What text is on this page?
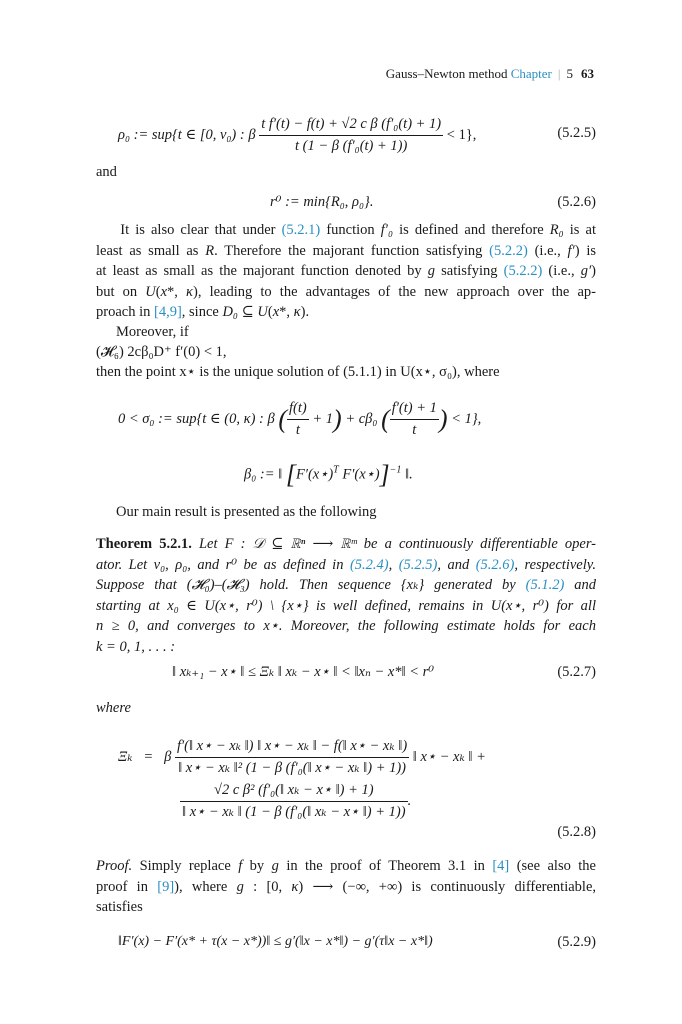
Gauss–Newton method Chapter | 5 63
ρ₀ := sup{t ∈ [0, ν₀) : β $\frac{\text{t f′(t) − f(t) + √2 c β (f′₀(t) + 1)}}{\text{t (1 − β (f′₀(t) + 1))}} < 1$},	(5.2.5)
and
r⁰ := min{R₀, ρ₀}.	(5.2.6)
It is also clear that under (5.2.1) function f′₀ is defined and therefore R₀ is at
least as small as R. Therefore the majorant function satisfying (5.2.2) (i.e., f′) is
at least as small as the majorant function denoted by g satisfying (5.2.2) (i.e., g′)
but on U(x*, κ), leading to the advantages of the new approach over the ap-
proach in [4,9], since D₀ ⊆ U(x*, κ).
Moreover, if
(𝓗₆) 2cβ₀D⁺ f′(0) < 1,
then the point x⋆ is the unique solution of (5.1.1) in U(x⋆, σ₀), where
0 < σ₀ := sup{t ∈ (0, κ) : β ( $\frac{f(t)}{t} + 1) + c\beta_0$ ( $\frac{f'(t) + 1}{t}$ ) < 1},
β₀ := ‖ [F′(x⋆)$^T$ F′(x⋆)]$^{-1}$ ‖.
Our main result is presented as the following
Theorem 5.2.1. Let F : 𝒟 ⊆ ℝⁿ ⟶ ℝᵐ be a continuously differentiable oper-
ator. Let ν₀, ρ₀, and r⁰ be as defined in (5.2.4), (5.2.5), and (5.2.6), respectively.
Suppose that (𝓗₀)–(𝓗₃) hold. Then sequence {xₖ} generated by (5.1.2) and
starting at x₀ ∈ U(x⋆, r⁰) \ {x⋆} is well defined, remains in U(x⋆, r⁰) for all
n ≥ 0, and converges to x⋆. Moreover, the following estimate holds for each
k = 0, 1, . . . :
‖ xₖ₊₁ − x⋆ ‖ ≤ Ξₖ ‖ xₖ − x⋆ ‖ < ‖xₙ − x*‖ < r⁰	(5.2.7)
where
Ξₖ   =   β $\frac{\text{f′(‖ x⋆ − xₖ ‖) ‖ x⋆ − xₖ ‖ − f(‖ x⋆ − xₖ ‖)}}{\text{‖ x⋆ − xₖ ‖² (1 − β (f′₀(‖ x⋆ − xₖ ‖) + 1))}}$ ‖ x⋆ − xₖ ‖ +
$\frac{\text{√2 c β² (f′₀(‖ xₖ − x⋆ ‖) + 1)}}{\text{‖ x⋆ − xₖ ‖ (1 − β (f′₀(‖ xₖ − x⋆ ‖) + 1))}}$ .
(5.2.8)
Proof. Simply replace f by g in the proof of Theorem 3.1 in [4] (see also the
proof in [9]), where g : [0, κ) ⟶ (−∞, +∞) is continuously differentiable,
satisfies
‖F′(x) − F′(x* + τ(x − x*))‖ ≤ g′(‖x − x*‖) − g′(τ‖x − x*‖)	(5.2.9)
